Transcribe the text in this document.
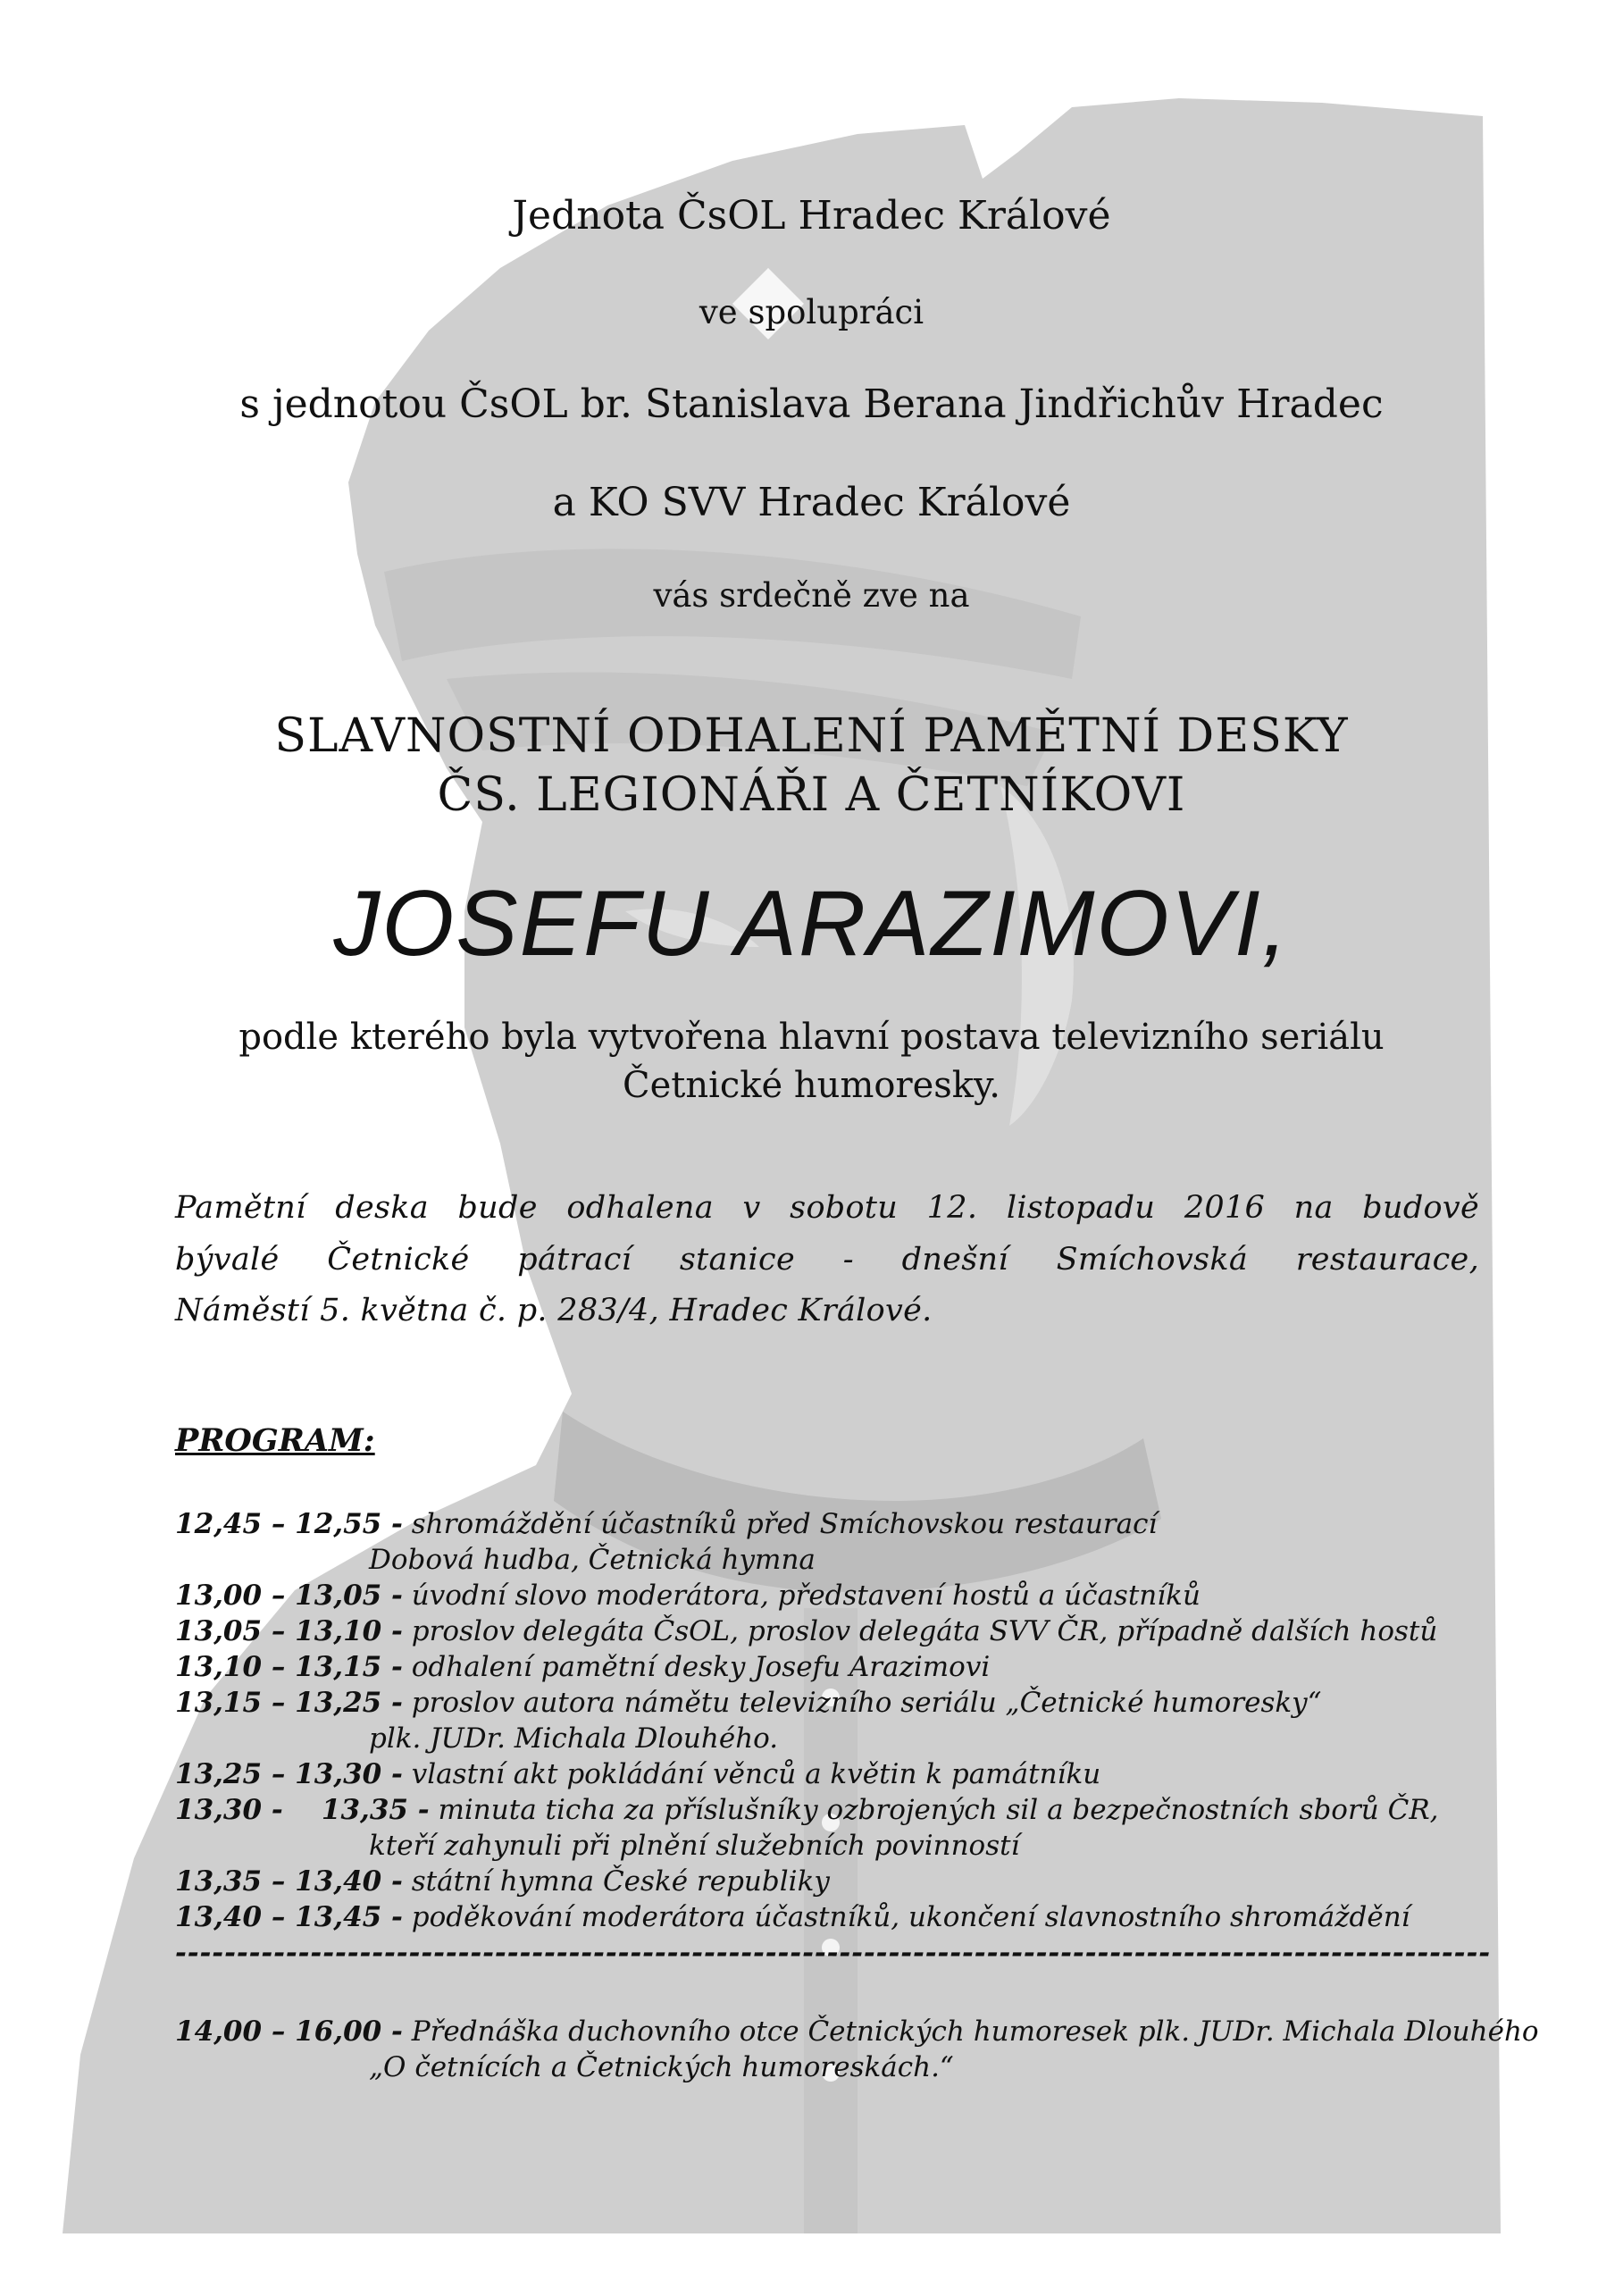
Jednota ČsOL Hradec Králové

ve spolupráci

s jednotou ČsOL br. Stanislava Berana Jindřichův Hradec

a KO SVV Hradec Králové

vás srdečně zve na

SLAVNOSTNÍ ODHALENÍ PAMĚTNÍ DESKY

ČS. LEGIONÁŘI A ČETNÍKOVI

JOSEFU ARAZIMOVI,

podle kterého byla vytvořena hlavní postava televizního seriálu

Četnické humoresky.

Pamětní deska bude odhalena v sobotu 12. listopadu 2016 na budově

bývalé Četnické pátrací stanice - dnešní Smíchovská restaurace,

Náměstí 5. května č. p. 283/4, Hradec Králové.

PROGRAM:

12,45 – 12,55 - shromáždění účastníků před Smíchovskou restaurací
Dobová hudba, Četnická hymna
13,00 – 13,05 - úvodní slovo moderátora, představení hostů a účastníků
13,05 – 13,10 - proslov delegáta ČsOL, proslov delegáta SVV ČR, případně dalších hostů
13,10 – 13,15 - odhalení pamětní desky Josefu Arazimovi
13,15 – 13,25 - proslov autora námětu televizního seriálu „Četnické humoresky“
plk. JUDr. Michala Dlouhého.
13,25 – 13,30 - vlastní akt pokládání věnců a květin k památníku
13,30 -    13,35 - minuta ticha za příslušníky ozbrojených sil a bezpečnostních sborů ČR,
kteří zahynuli při plnění služebních povinností
13,35 – 13,40 - státní hymna České republiky
13,40 – 13,45 - poděkování moderátora účastníků, ukončení slavnostního shromáždění
-----------------------------------------------------------------------------------------------------------
14,00 – 16,00 - Přednáška duchovního otce Četnických humoresek plk. JUDr. Michala Dlouhého
„O četnících a Četnických humoreskách.“
